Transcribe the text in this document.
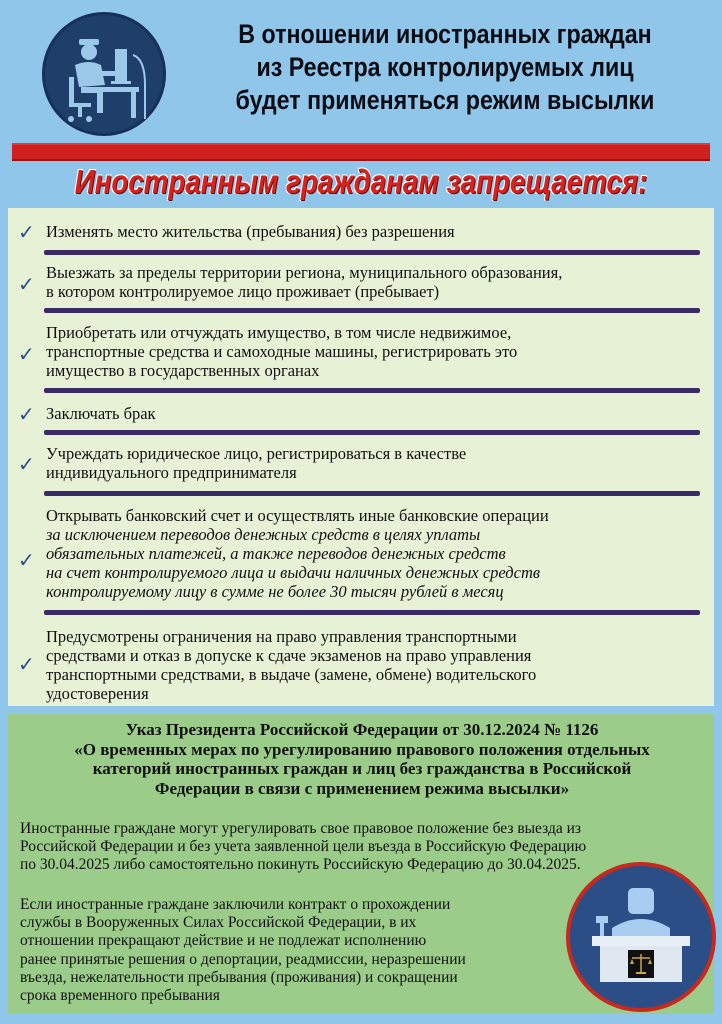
В отношении иностранных граждан
из Реестра контролируемых лиц
будет применяться режим высылки
Иностранным гражданам запрещается:
✓ Изменять место жительства (пребывания) без разрешения
✓ Выезжать за пределы территории региона, муниципального образования,
в котором контролируемое лицо проживает (пребывает)
✓
Приобретать или отчуждать имущество, в том числе недвижимое,
транспортные средства и самоходные машины, регистрировать это
имущество в государственных органах
✓ Заключать брак
✓ Учреждать юридическое лицо, регистрироваться в качестве
индивидуального предпринимателя
✓
Открывать банковский счет и осуществлять иные банковские операции
за исключением переводов денежных средств в целях уплаты
обязательных платежей, а также переводов денежных средств
на счет контролируемого лица и выдачи наличных денежных средств
контролируемому лицу в сумме не более 30 тысяч рублей в месяц
✓
Предусмотрены ограничения на право управления транспортными
средствами и отказ в допуске к сдаче экзаменов на право управления
транспортными средствами, в выдаче (замене, обмене) водительского
удостоверения
Указ Президента Российской Федерации от 30.12.2024 № 1126
«О временных мерах по урегулированию правового положения отдельных
категорий иностранных граждан и лиц без гражданства в Российской
Федерации в связи с применением режима высылки»
Иностранные граждане могут урегулировать свое правовое положение без выезда из
Российской Федерации и без учета заявленной цели въезда в Российскую Федерацию
по 30.04.2025 либо самостоятельно покинуть Российскую Федерацию до 30.04.2025.
Если иностранные граждане заключили контракт о прохождении
службы в Вооруженных Силах Российской Федерации, в их
отношении прекращают действие и не подлежат исполнению
ранее принятые решения о депортации, реадмиссии, неразрешении
въезда, нежелательности пребывания (проживания) и сокращении
срока временного пребывания
